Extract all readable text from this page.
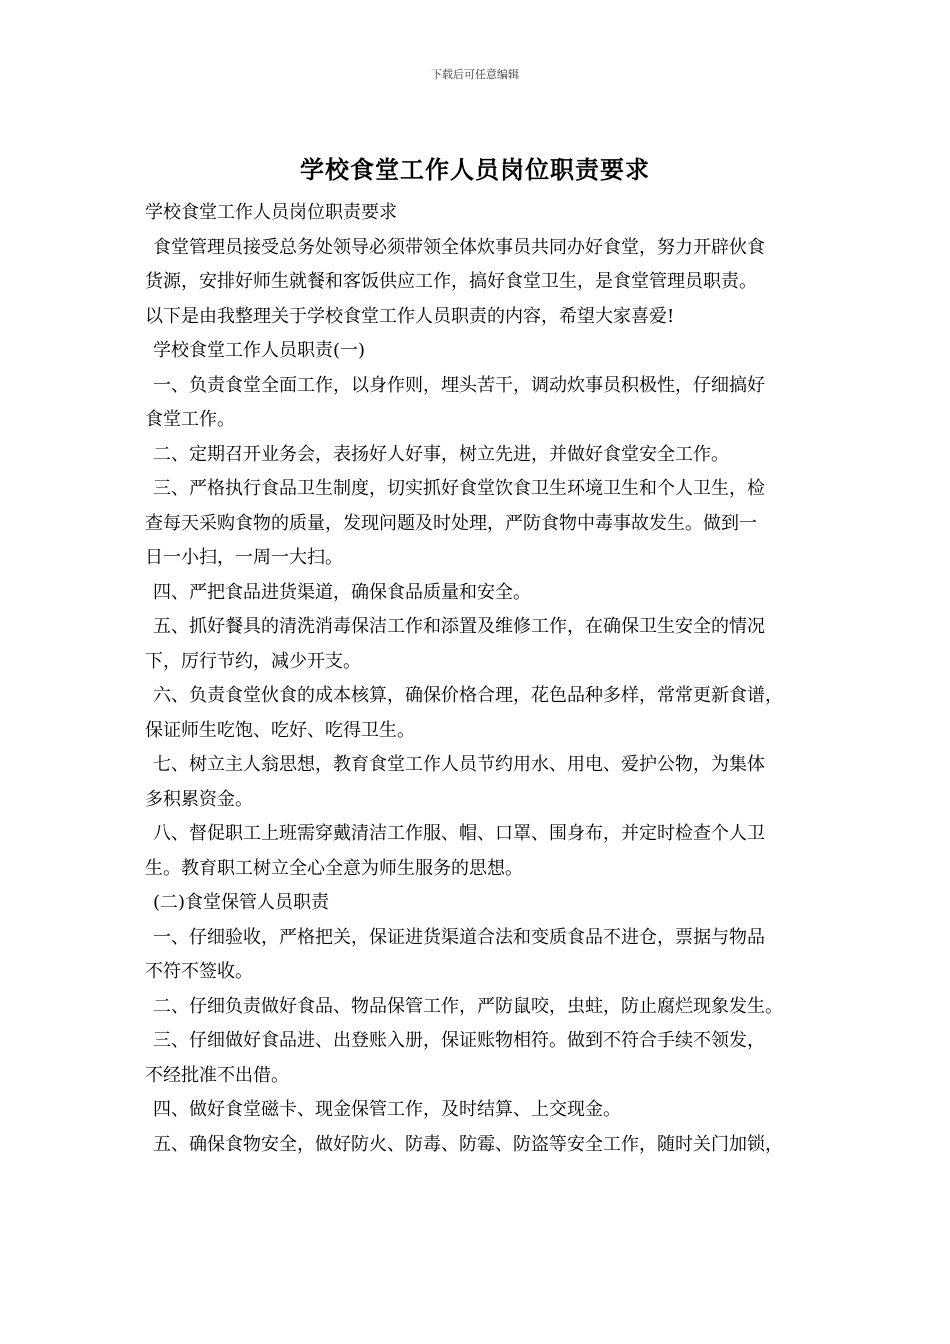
下载后可任意编辑
学校食堂工作人员岗位职责要求
学校食堂工作人员岗位职责要求
食堂管理员接受总务处领导必须带领全体炊事员共同办好食堂，努力开辟伙食
货源，安排好师生就餐和客饭供应工作，搞好食堂卫生，是食堂管理员职责。
以下是由我整理关于学校食堂工作人员职责的内容，希望大家喜爱!
学校食堂工作人员职责(一)
一、负责食堂全面工作，以身作则，埋头苦干，调动炊事员积极性，仔细搞好
食堂工作。
二、定期召开业务会，表扬好人好事，树立先进，并做好食堂安全工作。
三、严格执行食品卫生制度，切实抓好食堂饮食卫生环境卫生和个人卫生，检
查每天采购食物的质量，发现问题及时处理，严防食物中毒事故发生。做到一
日一小扫，一周一大扫。
四、严把食品进货渠道，确保食品质量和安全。
五、抓好餐具的清洗消毒保洁工作和添置及维修工作，在确保卫生安全的情况
下，厉行节约，减少开支。
六、负责食堂伙食的成本核算，确保价格合理，花色品种多样，常常更新食谱，
保证师生吃饱、吃好、吃得卫生。
七、树立主人翁思想，教育食堂工作人员节约用水、用电、爱护公物，为集体
多积累资金。
八、督促职工上班需穿戴清洁工作服、帽、口罩、围身布，并定时检查个人卫
生。教育职工树立全心全意为师生服务的思想。
(二)食堂保管人员职责
一、仔细验收，严格把关，保证进货渠道合法和变质食品不进仓，票据与物品
不符不签收。
二、仔细负责做好食品、物品保管工作，严防鼠咬，虫蛀，防止腐烂现象发生。
三、仔细做好食品进、出登账入册，保证账物相符。做到不符合手续不领发，
不经批准不出借。
四、做好食堂磁卡、现金保管工作，及时结算、上交现金。
五、确保食物安全，做好防火、防毒、防霉、防盗等安全工作，随时关门加锁，
